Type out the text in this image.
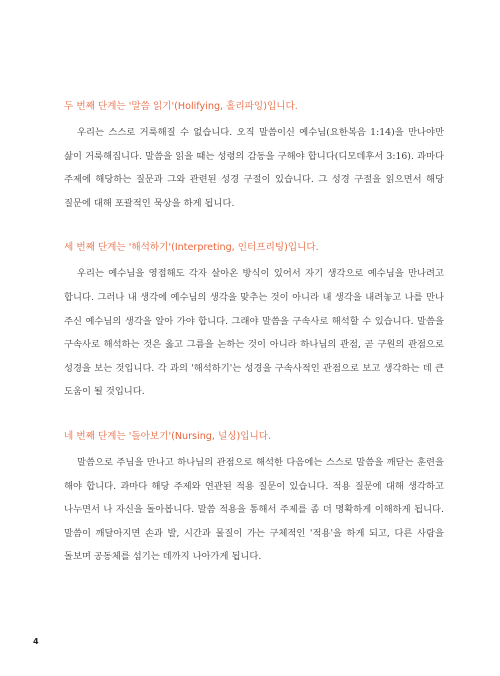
두 번째 단계는 '말씀 읽기'(Holifying, 홀리파잉)입니다.

우리는 스스로 거룩해질 수 없습니다. 오직 말씀이신 예수님(요한복음 1:14)을 만나야만 삶이 거룩해집니다. 말씀을 읽을 때는 성령의 감동을 구해야 합니다(디모데후서 3:16). 과마다 주제에 해당하는 질문과 그와 관련된 성경 구절이 있습니다. 그 성경 구절을 읽으면서 해당 질문에 대해 포괄적인 묵상을 하게 됩니다.

세 번째 단계는 '해석하기'(Interpreting, 인터프리팅)입니다.

우리는 예수님을 영접해도 각자 살아온 방식이 있어서 자기 생각으로 예수님을 만나려고 합니다. 그러나 내 생각에 예수님의 생각을 맞추는 것이 아니라 내 생각을 내려놓고 나를 만나 주신 예수님의 생각을 알아 가야 합니다. 그래야 말씀을 구속사로 해석할 수 있습니다. 말씀을 구속사로 해석하는 것은 옳고 그름을 논하는 것이 아니라 하나님의 관점, 곧 구원의 관점으로 성경을 보는 것입니다. 각 과의 '해석하기'는 성경을 구속사적인 관점으로 보고 생각하는 데 큰 도움이 될 것입니다.

네 번째 단계는 '돌아보기'(Nursing, 널싱)입니다.

말씀으로 주님을 만나고 하나님의 관점으로 해석한 다음에는 스스로 말씀을 깨닫는 훈련을 해야 합니다. 과마다 해당 주제와 연관된 적용 질문이 있습니다. 적용 질문에 대해 생각하고 나누면서 나 자신을 돌아봅니다. 말씀 적용을 통해서 주제를 좀 더 명확하게 이해하게 됩니다. 말씀이 깨달아지면 손과 발, 시간과 물질이 가는 구체적인 '적용'을 하게 되고, 다른 사람을 돌보며 공동체를 섬기는 데까지 나아가게 됩니다.

4
